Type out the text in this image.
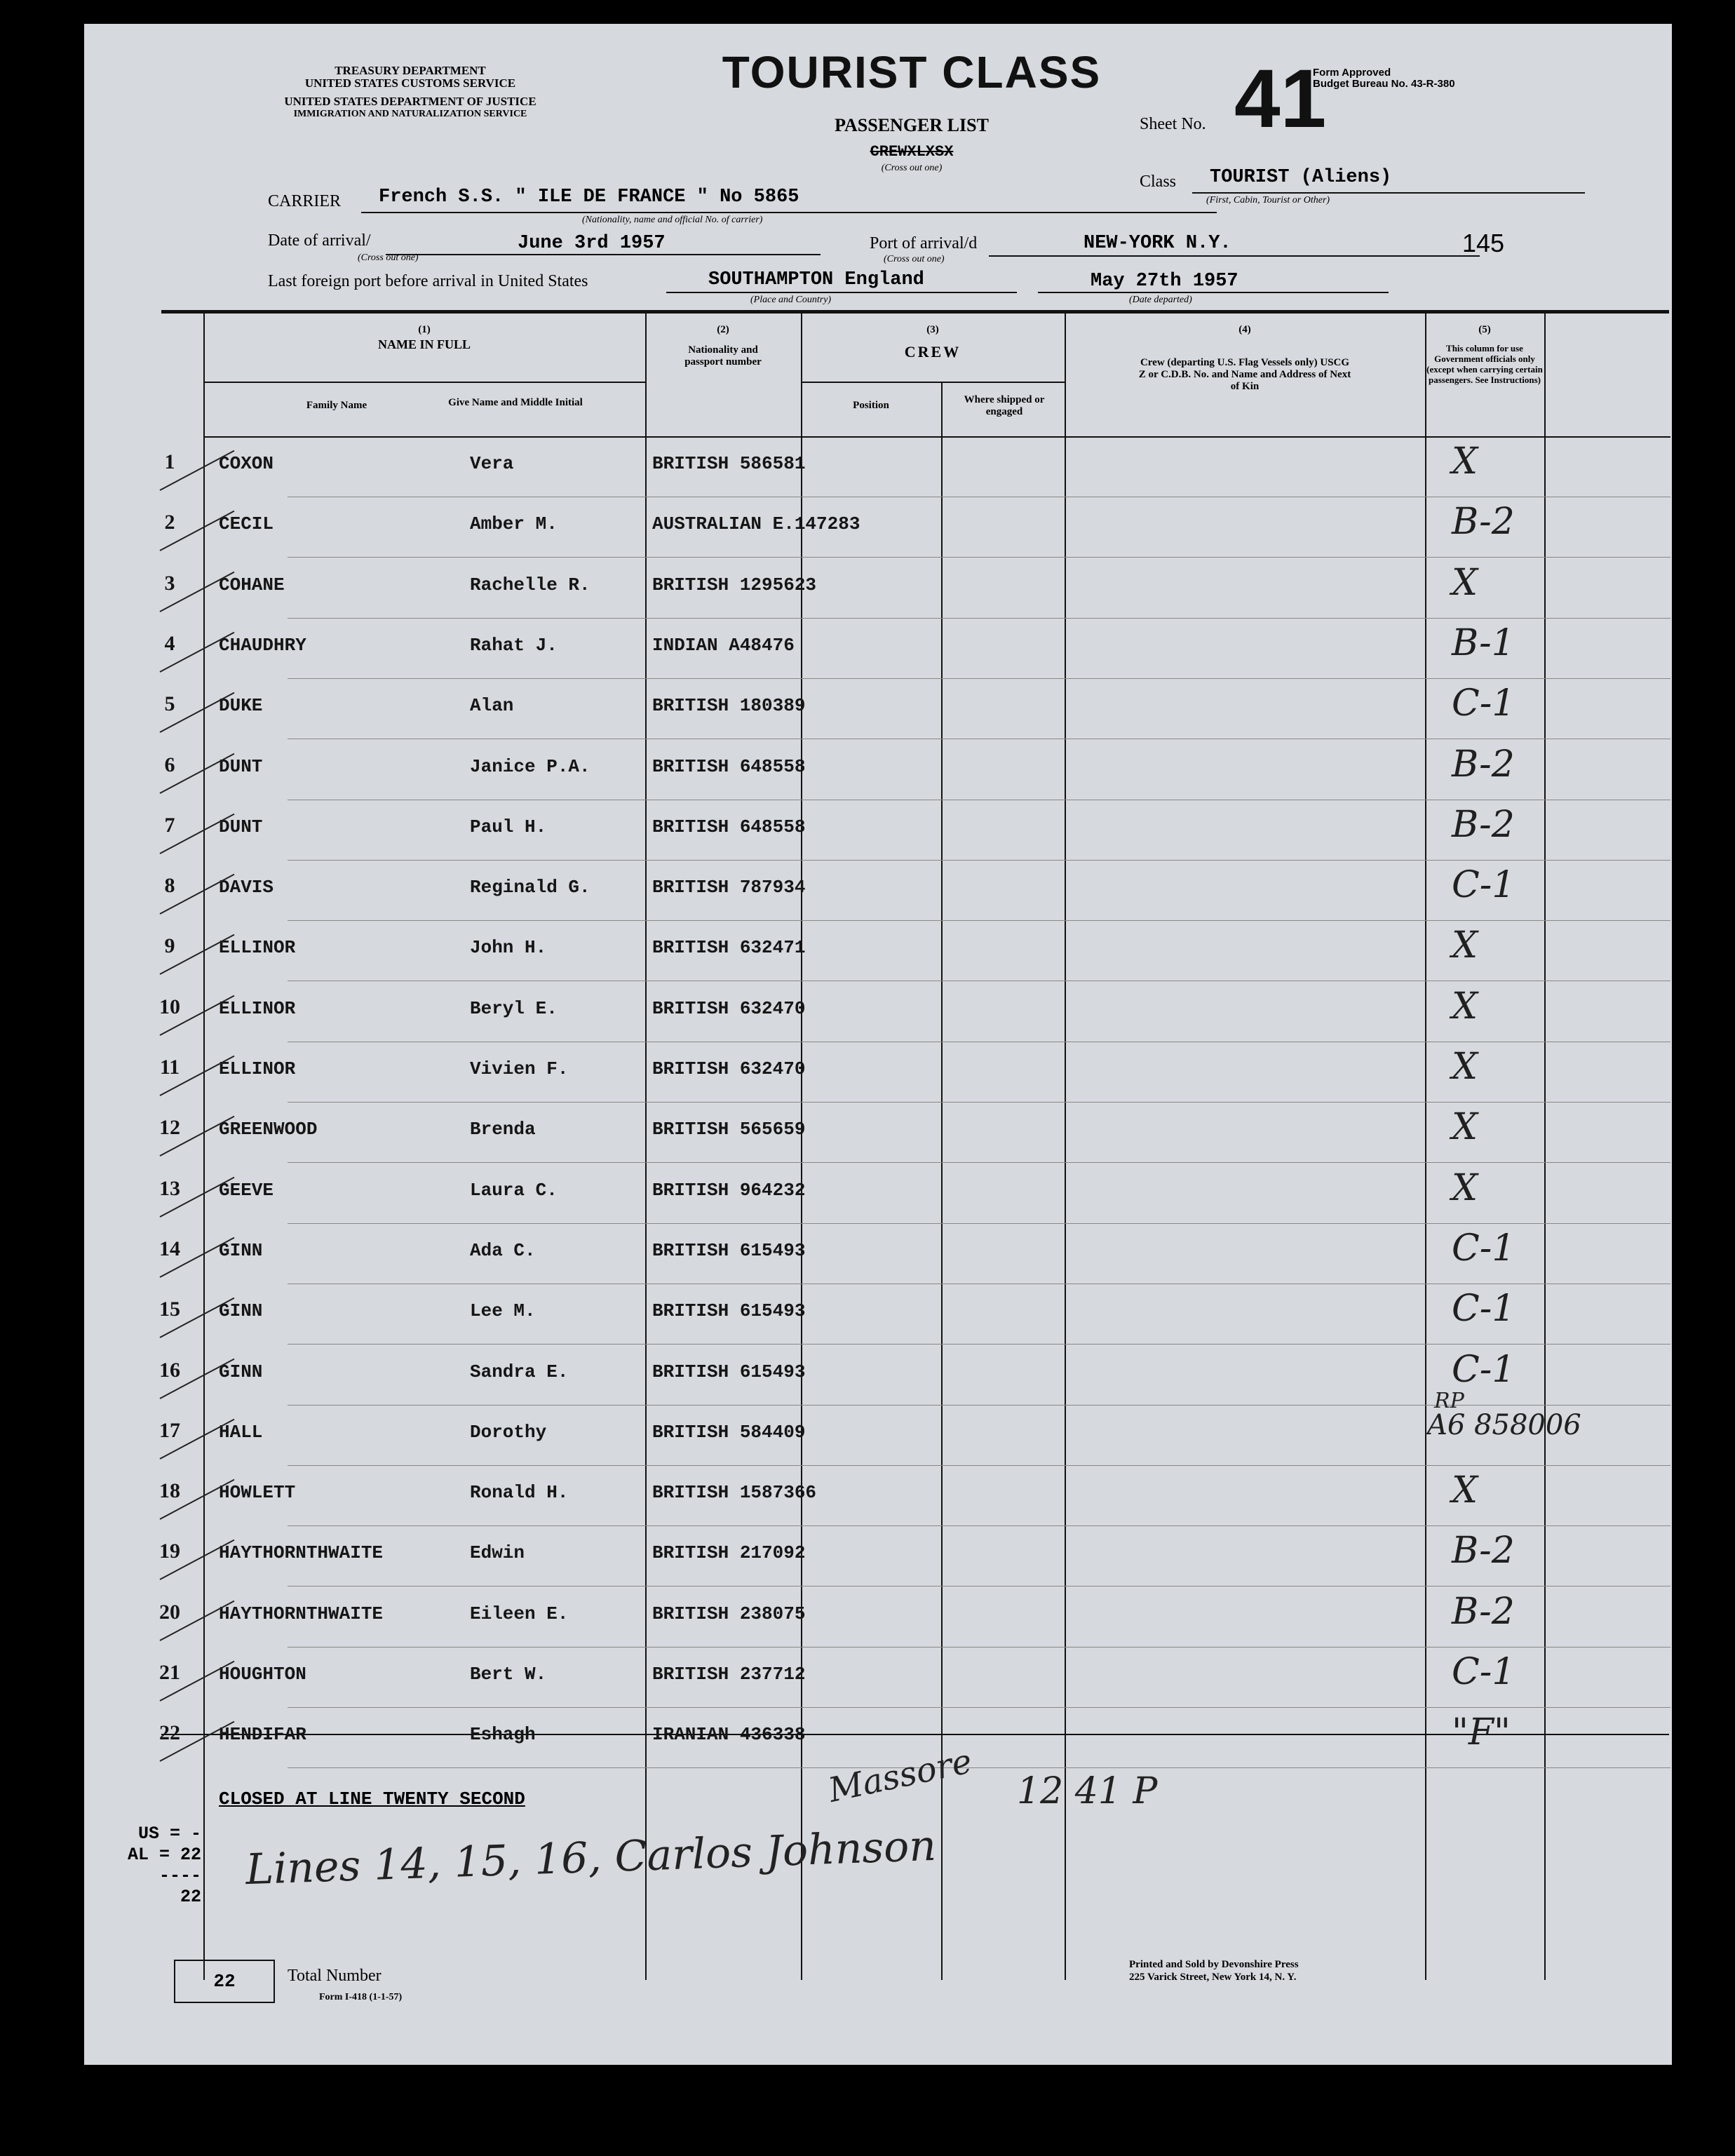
TREASURY DEPARTMENT
UNITED STATES CUSTOMS SERVICE
UNITED STATES DEPARTMENT OF JUSTICE
IMMIGRATION AND NATURALIZATION SERVICE
TOURIST CLASS
PASSENGER LIST
CREWXLXSX
(Cross out one)
Sheet No. 41
Form Approved
Budget Bureau No. 43-R-380
Class TOURIST (Aliens)
(First, Cabin, Tourist or Other)
CARRIER French S.S. " ILE DE FRANCE " No 5865
(Nationality, name and official No. of carrier)
Date of arrival/	June 3rd 1957
(Cross out one)
Port of arrival/d	NEW-YORK N.Y.
(Cross out one)
145
Last foreign port before arrival in United States	SOUTHAMPTON England
(Place and Country)
May 27th 1957
(Date departed)
(1)
NAME IN FULL
Family Name	Give Name and Middle Initial
(2)
Nationality and passport number
(3)
CREW
Position	Where shipped or engaged
(4)
Crew (departing U.S. Flag Vessels only) USCG Z or C.D.B. No. and Name and Address of Next of Kin
(5)
This column for use Government officials only (except when carrying certain passengers. See Instructions)
1	COXON	Vera	BRITISH 586581	X
2	CECIL	Amber M.	AUSTRALIAN E.147283	B-2
3	COHANE	Rachelle R.	BRITISH 1295623	X
4	CHAUDHRY	Rahat J.	INDIAN A48476	B-1
5	DUKE	Alan	BRITISH 180389	C-1
6	DUNT	Janice P.A.	BRITISH 648558	B-2
7	DUNT	Paul H.	BRITISH 648558	B-2
8	DAVIS	Reginald G.	BRITISH 787934	C-1
9	ELLINOR	John H.	BRITISH 632471	X
10	ELLINOR	Beryl E.	BRITISH 632470	X
11	ELLINOR	Vivien F.	BRITISH 632470	X
12	GREENWOOD	Brenda	BRITISH 565659	X
13	GEEVE	Laura C.	BRITISH 964232	X
14	GINN	Ada C.	BRITISH 615493	C-1
15	GINN	Lee M.	BRITISH 615493	C-1
16	GINN	Sandra E.	BRITISH 615493	C-1
17	HALL	Dorothy	BRITISH 584409	A6 858006
18	HOWLETT	Ronald H.	BRITISH 1587366	X
19	HAYTHORNTHWAITE	Edwin	BRITISH 217092	B-2
20	HAYTHORNTHWAITE	Eileen E.	BRITISH 238075	B-2
21	HOUGHTON	Bert W.	BRITISH 237712	C-1
22	HENDIFAR	Eshagh	IRANIAN 436338	"F"
CLOSED AT LINE TWENTY SECOND
Lines 14, 15, 16, Carlos Johnson
Massore 12 41 P
RP
US = -
AL = 22
----
22
22	Total Number
Form I-418 (1-1-57)
Printed and Sold by Devonshire Press
225 Varick Street, New York 14, N. Y.
